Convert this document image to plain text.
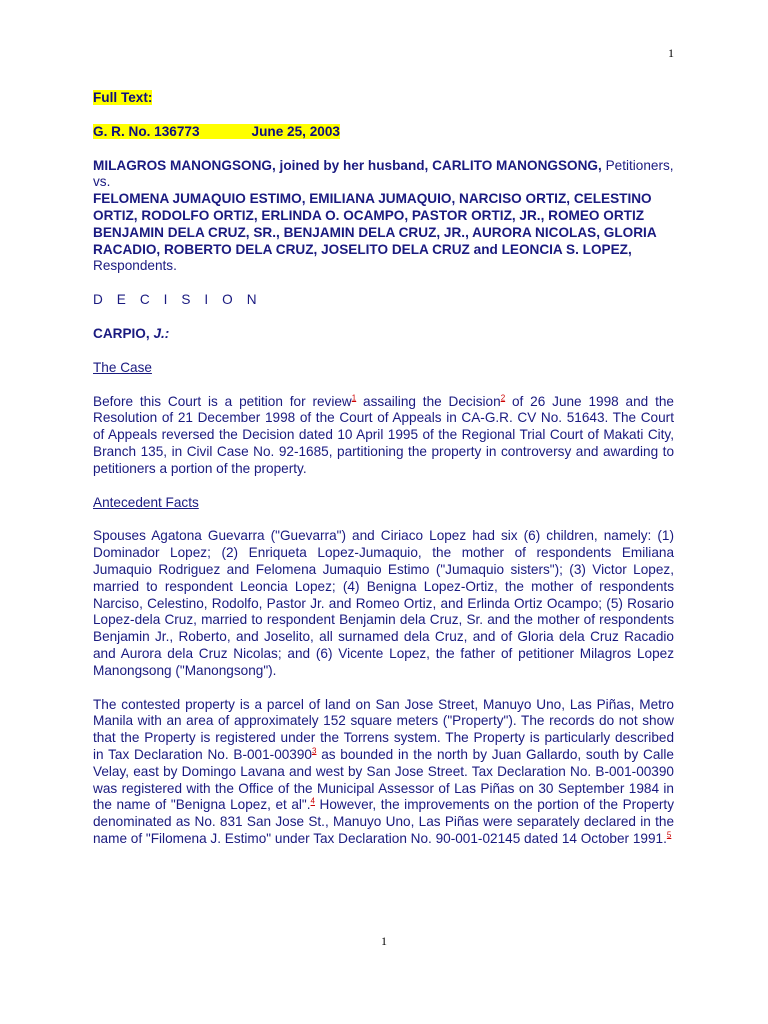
1

Full Text:

G. R. No. 136773	June 25, 2003

MILAGROS MANONGSONG, joined by her husband, CARLITO MANONGSONG, Petitioners,

vs.

FELOMENA JUMAQUIO ESTIMO, EMILIANA JUMAQUIO, NARCISO ORTIZ, CELESTINO ORTIZ, RODOLFO ORTIZ, ERLINDA O. OCAMPO, PASTOR ORTIZ, JR., ROMEO ORTIZ BENJAMIN DELA CRUZ, SR., BENJAMIN DELA CRUZ, JR., AURORA NICOLAS, GLORIA RACADIO, ROBERTO DELA CRUZ, JOSELITO DELA CRUZ and LEONCIA S. LOPEZ, Respondents.

D E C I S I O N

CARPIO, J.:

The Case

Before this Court is a petition for review$^1$ assailing the Decision$^2$ of 26 June 1998 and the Resolution of 21 December 1998 of the Court of Appeals in CA-G.R. CV No. 51643. The Court of Appeals reversed the Decision dated 10 April 1995 of the Regional Trial Court of Makati City, Branch 135, in Civil Case No. 92-1685, partitioning the property in controversy and awarding to petitioners a portion of the property.

Antecedent Facts

Spouses Agatona Guevarra ("Guevarra") and Ciriaco Lopez had six (6) children, namely: (1) Dominador Lopez; (2) Enriqueta Lopez-Jumaquio, the mother of respondents Emiliana Jumaquio Rodriguez and Felomena Jumaquio Estimo ("Jumaquio sisters"); (3) Victor Lopez, married to respondent Leoncia Lopez; (4) Benigna Lopez-Ortiz, the mother of respondents Narciso, Celestino, Rodolfo, Pastor Jr. and Romeo Ortiz, and Erlinda Ortiz Ocampo; (5) Rosario Lopez-dela Cruz, married to respondent Benjamin dela Cruz, Sr. and the mother of respondents Benjamin Jr., Roberto, and Joselito, all surnamed dela Cruz, and of Gloria dela Cruz Racadio and Aurora dela Cruz Nicolas; and (6) Vicente Lopez, the father of petitioner Milagros Lopez Manongsong ("Manongsong").

The contested property is a parcel of land on San Jose Street, Manuyo Uno, Las Piñas, Metro Manila with an area of approximately 152 square meters ("Property"). The records do not show that the Property is registered under the Torrens system. The Property is particularly described in Tax Declaration No. B-001-00390$^3$ as bounded in the north by Juan Gallardo, south by Calle Velay, east by Domingo Lavana and west by San Jose Street. Tax Declaration No. B-001-00390 was registered with the Office of the Municipal Assessor of Las Piñas on 30 September 1984 in the name of "Benigna Lopez, et al".$^4$ However, the improvements on the portion of the Property denominated as No. 831 San Jose St., Manuyo Uno, Las Piñas were separately declared in the name of "Filomena J. Estimo" under Tax Declaration No. 90-001-02145 dated 14 October 1991.$^5$

1
